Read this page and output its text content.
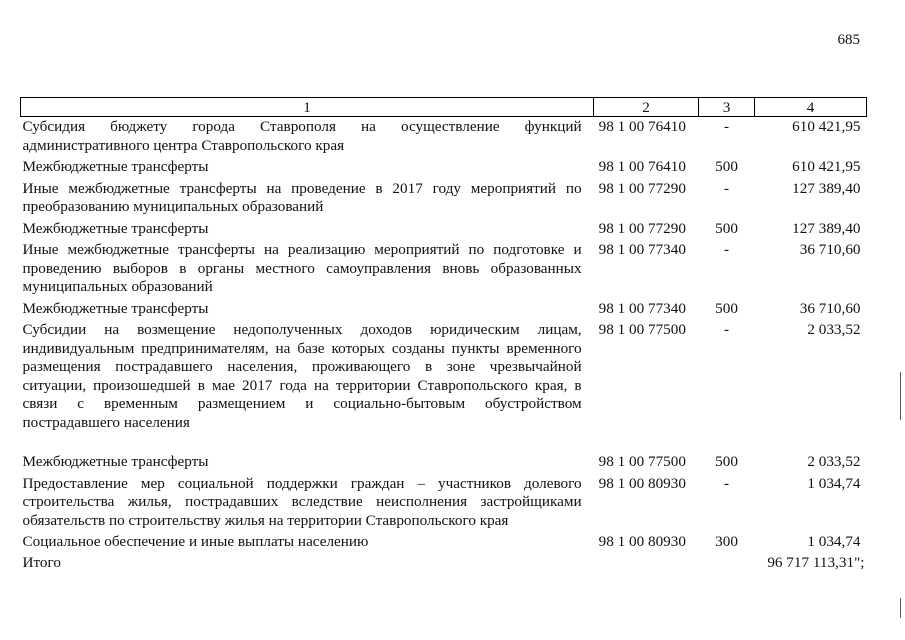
685
1	2	3	4
Субсидия бюджету города Ставрополя на осуществление функций административного центра Ставропольского края	98 1 00 76410	-	610 421,95
Межбюджетные трансферты	98 1 00 76410	500	610 421,95
Иные межбюджетные трансферты на проведение в 2017 году мероприятий по преобразованию муниципальных образований	98 1 00 77290	-	127 389,40
Межбюджетные трансферты	98 1 00 77290	500	127 389,40
Иные межбюджетные трансферты на реализацию мероприятий по подготовке и проведению выборов в органы местного самоуправления вновь образованных муниципальных образований	98 1 00 77340	-	36 710,60
Межбюджетные трансферты	98 1 00 77340	500	36 710,60
Субсидии на возмещение недополученных доходов юридическим лицам, индивидуальным предпринимателям, на базе которых созданы пункты временного размещения пострадавшего населения, проживающего в зоне чрезвычайной ситуации, произошедшей в мае 2017 года на территории Ставропольского края, в связи с временным размещением и социально-бытовым обустройством пострадавшего населения	98 1 00 77500	-	2 033,52
Межбюджетные трансферты	98 1 00 77500	500	2 033,52
Предоставление мер социальной поддержки граждан – участников долевого строительства жилья, пострадавших вследствие неисполнения застройщиками обязательств по строительству жилья на территории Ставропольского края	98 1 00 80930	-	1 034,74
Социальное обеспечение и иные выплаты населению	98 1 00 80930	300	1 034,74
Итого			96 717 113,31";
